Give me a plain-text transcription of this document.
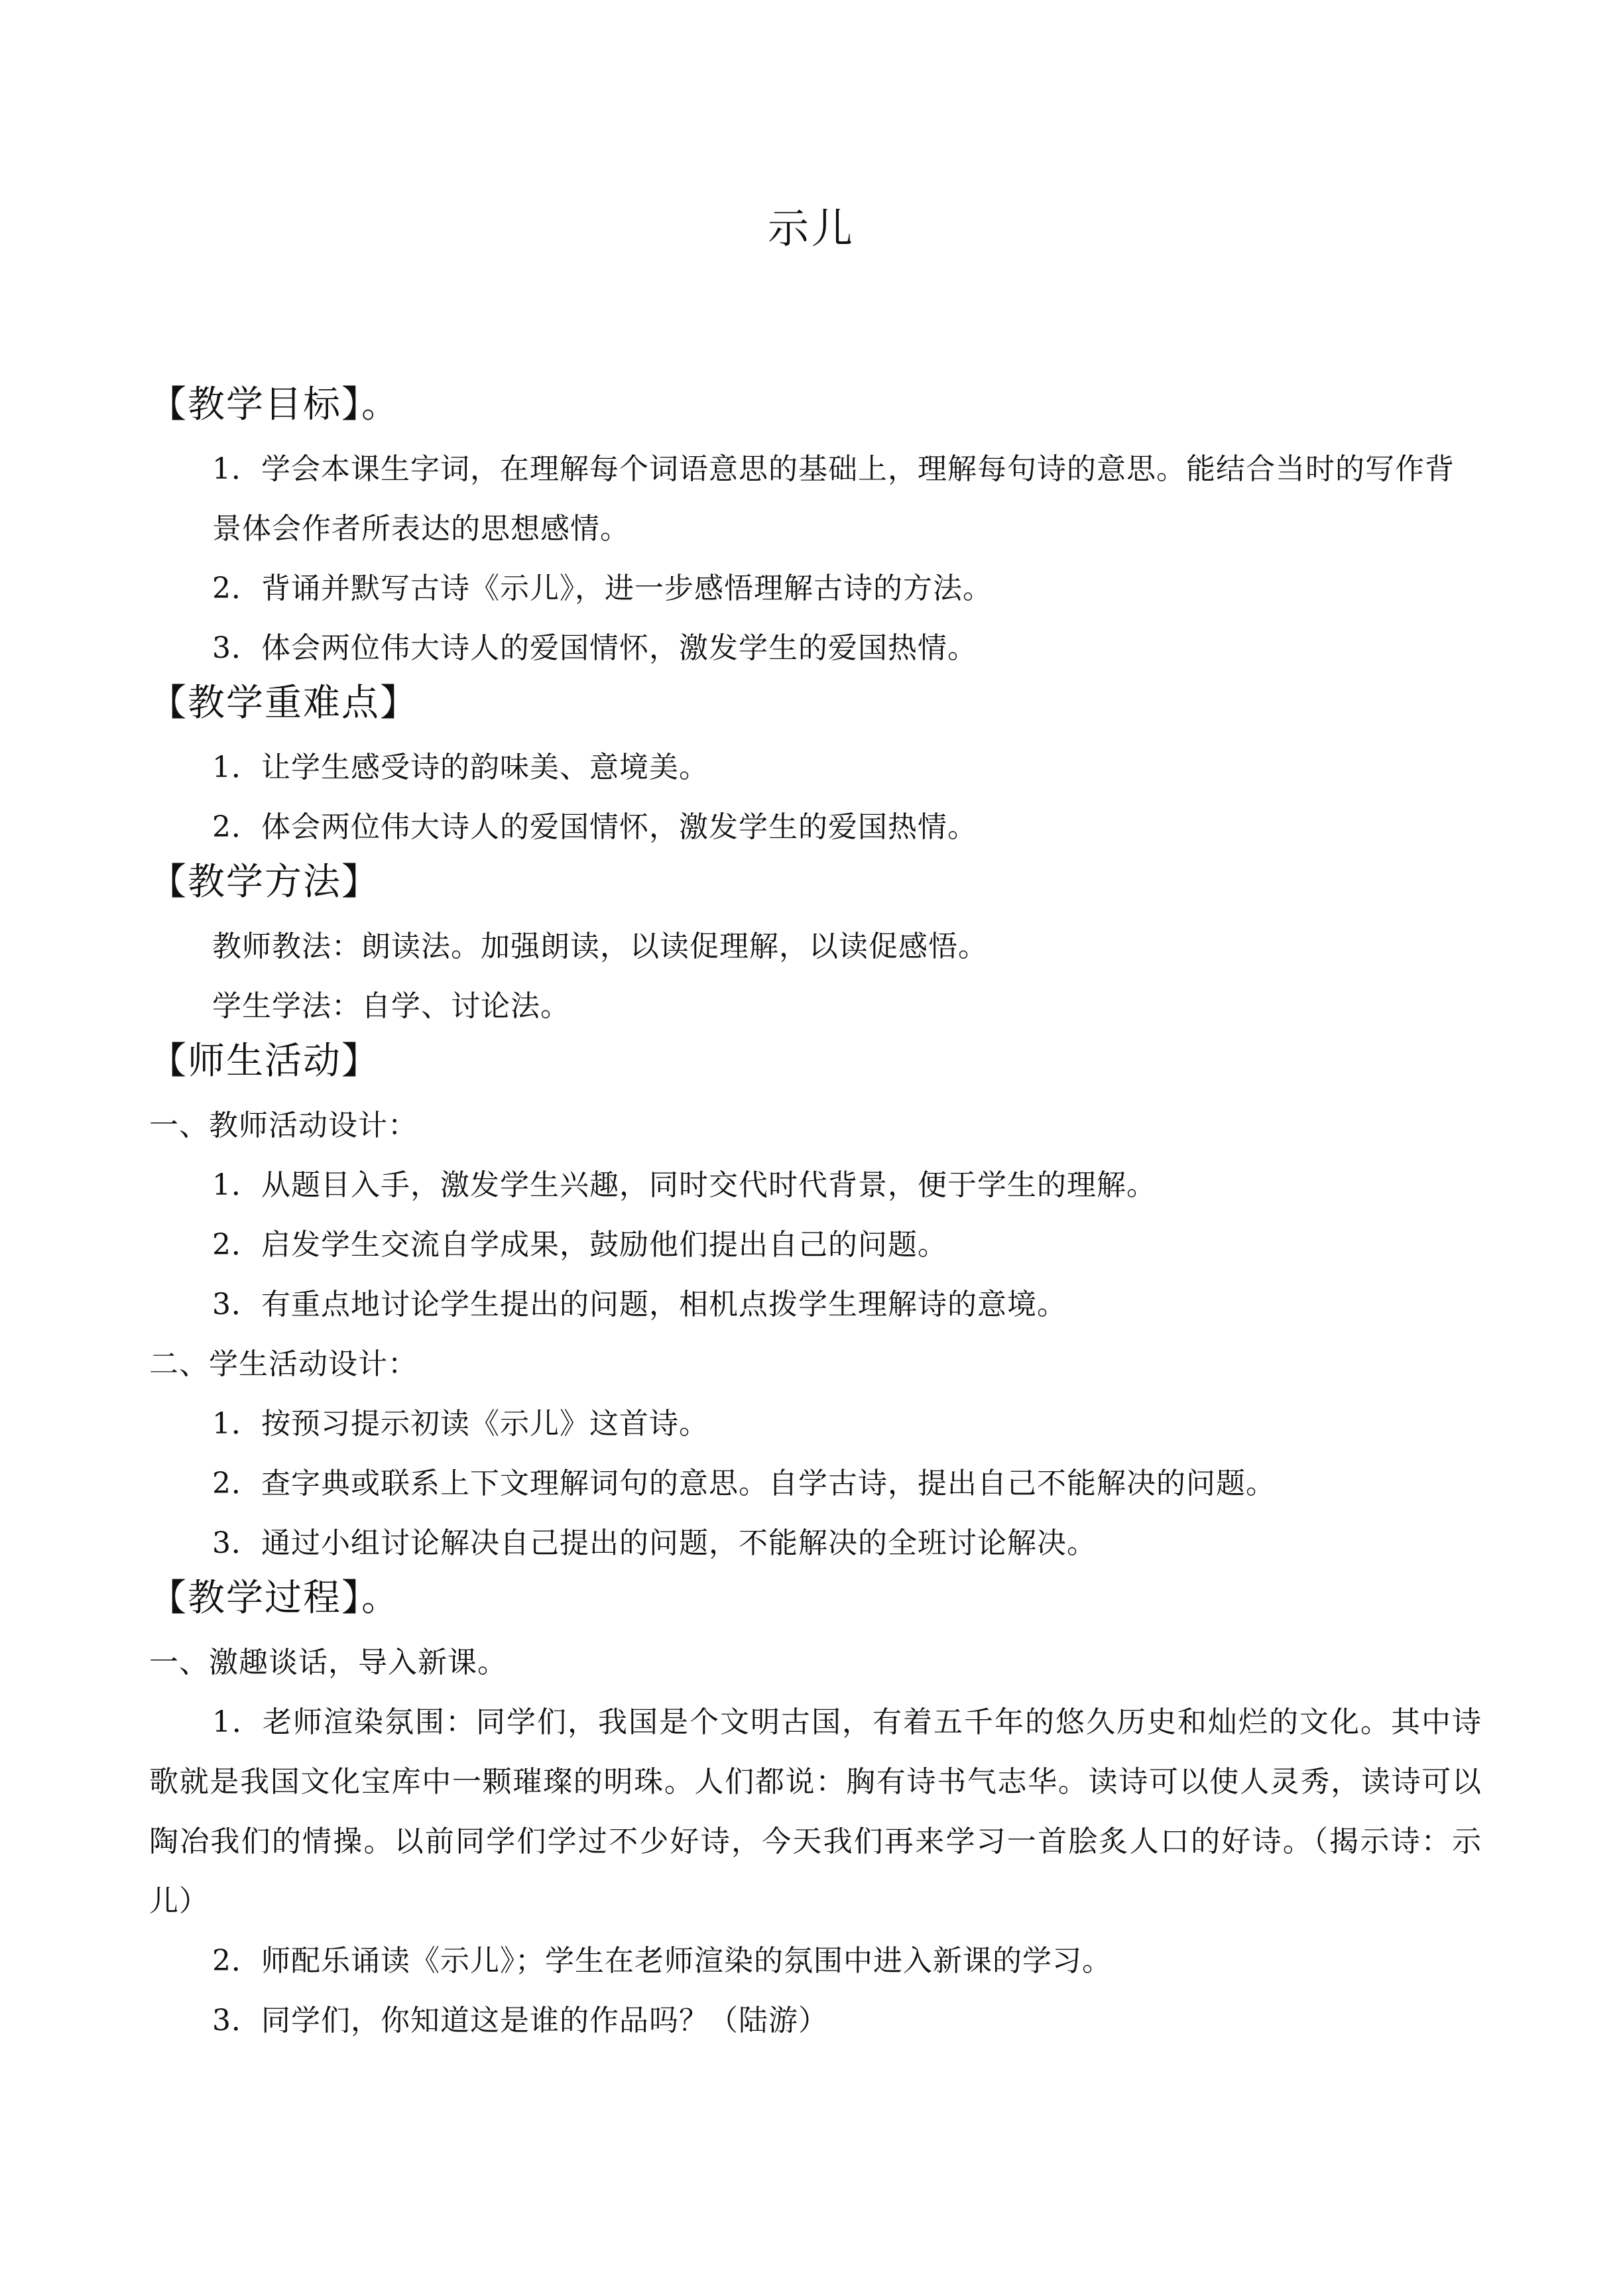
示儿
【教学目标】。
1．学会本课生字词，在理解每个词语意思的基础上，理解每句诗的意思。能结合当时的写作背景体会作者所表达的思想感情。
2．背诵并默写古诗《示儿》，进一步感悟理解古诗的方法。
3．体会两位伟大诗人的爱国情怀，激发学生的爱国热情。
【教学重难点】
1．让学生感受诗的韵味美、意境美。
2．体会两位伟大诗人的爱国情怀，激发学生的爱国热情。
【教学方法】
教师教法：朗读法。加强朗读，以读促理解，以读促感悟。
学生学法：自学、讨论法。
【师生活动】
一、教师活动设计：
1．从题目入手，激发学生兴趣，同时交代时代背景，便于学生的理解。
2．启发学生交流自学成果，鼓励他们提出自己的问题。
3．有重点地讨论学生提出的问题，相机点拨学生理解诗的意境。
二、学生活动设计：
1．按预习提示初读《示儿》这首诗。
2．查字典或联系上下文理解词句的意思。自学古诗，提出自己不能解决的问题。
3．通过小组讨论解决自己提出的问题，不能解决的全班讨论解决。
【教学过程】。
一、激趣谈话，导入新课。
1．老师渲染氛围：同学们，我国是个文明古国，有着五千年的悠久历史和灿烂的文化。其中诗歌就是我国文化宝库中一颗璀璨的明珠。人们都说：胸有诗书气志华。读诗可以使人灵秀，读诗可以陶冶我们的情操。以前同学们学过不少好诗，今天我们再来学习一首脍炙人口的好诗。（揭示诗：示儿）
2．师配乐诵读《示儿》；学生在老师渲染的氛围中进入新课的学习。
3．同学们，你知道这是谁的作品吗？（陆游）
